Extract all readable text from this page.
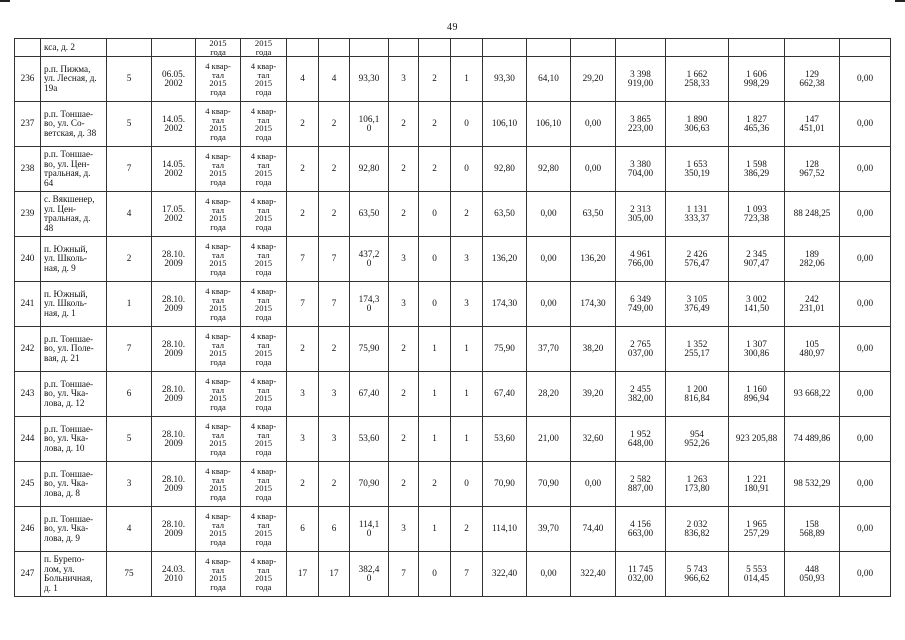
49
	кса, д. 2			2015
года	2015
года														
236	р.п. Пижма,
ул. Лесная, д.
19а	5	06.05.
2002	4 квар-
тал
2015
года	4 квар-
тал
2015
года	4	4	93,30	3	2	1	93,30	64,10	29,20	3 398
919,00	1 662
258,33	1 606
998,29	129
662,38	0,00
237	р.п. Тоншае-
во, ул. Со-
ветская, д. 38	5	14.05.
2002	4 квар-
тал
2015
года	4 квар-
тал
2015
года	2	2	106,1
0	2	2	0	106,10	106,10	0,00	3 865
223,00	1 890
306,63	1 827
465,36	147
451,01	0,00
238	р.п. Тоншае-
во, ул. Цен-
тральная, д.
64	7	14.05.
2002	4 квар-
тал
2015
года	4 квар-
тал
2015
года	2	2	92,80	2	2	0	92,80	92,80	0,00	3 380
704,00	1 653
350,19	1 598
386,29	128
967,52	0,00
239	с. Вякшенер,
ул. Цен-
тральная, д.
48	4	17.05.
2002	4 квар-
тал
2015
года	4 квар-
тал
2015
года	2	2	63,50	2	0	2	63,50	0,00	63,50	2 313
305,00	1 131
333,37	1 093
723,38	88 248,25	0,00
240	п. Южный,
ул. Школь-
ная, д. 9	2	28.10.
2009	4 квар-
тал
2015
года	4 квар-
тал
2015
года	7	7	437,2
0	3	0	3	136,20	0,00	136,20	4 961
766,00	2 426
576,47	2 345
907,47	189
282,06	0,00
241	п. Южный,
ул. Школь-
ная, д. 1	1	28.10.
2009	4 квар-
тал
2015
года	4 квар-
тал
2015
года	7	7	174,3
0	3	0	3	174,30	0,00	174,30	6 349
749,00	3 105
376,49	3 002
141,50	242
231,01	0,00
242	р.п. Тоншае-
во, ул. Поле-
вая, д. 21	7	28.10.
2009	4 квар-
тал
2015
года	4 квар-
тал
2015
года	2	2	75,90	2	1	1	75,90	37,70	38,20	2 765
037,00	1 352
255,17	1 307
300,86	105
480,97	0,00
243	р.п. Тоншае-
во, ул. Чка-
лова, д. 12	6	28.10.
2009	4 квар-
тал
2015
года	4 квар-
тал
2015
года	3	3	67,40	2	1	1	67,40	28,20	39,20	2 455
382,00	1 200
816,84	1 160
896,94	93 668,22	0,00
244	р.п. Тоншае-
во, ул. Чка-
лова, д. 10	5	28.10.
2009	4 квар-
тал
2015
года	4 квар-
тал
2015
года	3	3	53,60	2	1	1	53,60	21,00	32,60	1 952
648,00	954
952,26	923 205,88	74 489,86	0,00
245	р.п. Тоншае-
во, ул. Чка-
лова, д. 8	3	28.10.
2009	4 квар-
тал
2015
года	4 квар-
тал
2015
года	2	2	70,90	2	2	0	70,90	70,90	0,00	2 582
887,00	1 263
173,80	1 221
180,91	98 532,29	0,00
246	р.п. Тоншае-
во, ул. Чка-
лова, д. 9	4	28.10.
2009	4 квар-
тал
2015
года	4 квар-
тал
2015
года	6	6	114,1
0	3	1	2	114,10	39,70	74,40	4 156
663,00	2 032
836,82	1 965
257,29	158
568,89	0,00
247	п. Бурепо-
лом, ул.
Больничная,
д. 1	75	24.03.
2010	4 квар-
тал
2015
года	4 квар-
тал
2015
года	17	17	382,4
0	7	0	7	322,40	0,00	322,40	11 745
032,00	5 743
966,62	5 553
014,45	448
050,93	0,00
